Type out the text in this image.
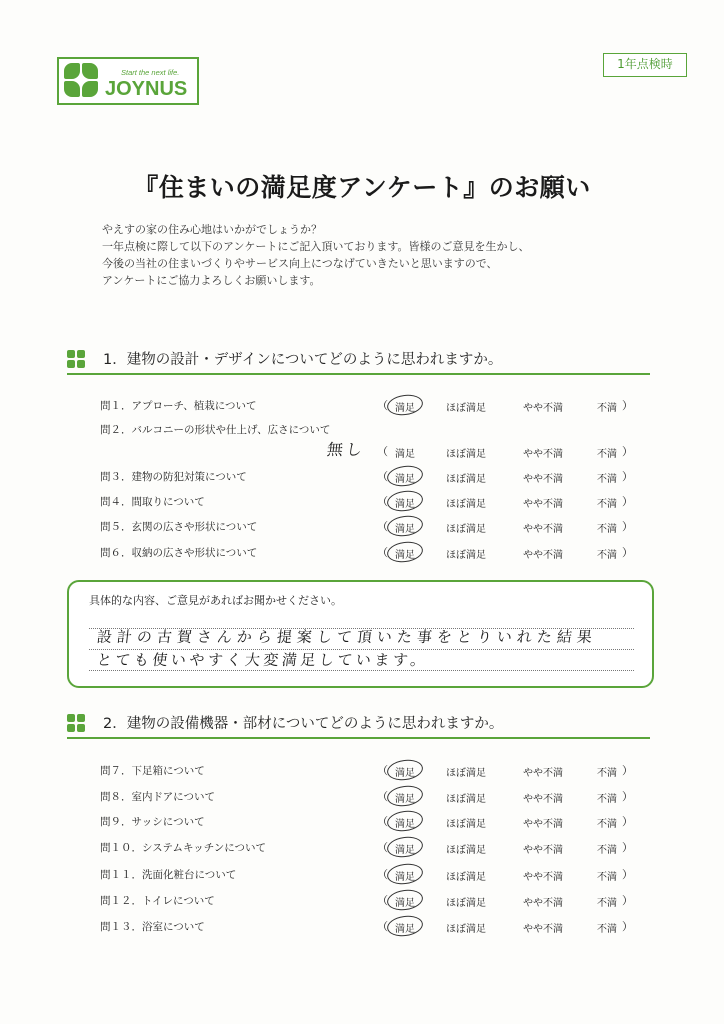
Start the next life.
JOYNUS
1年点検時
『住まいの満足度アンケート』のお願い
やえすの家の住み心地はいかがでしょうか？
一年点検に際して以下のアンケートにご記入頂いております。皆様のご意見を生かし、
今後の当社の住まいづくりやサービス向上につなげていきたいと思いますので、
アンケートにご協力よろしくお願いします。
1．建物の設計・デザインについてどのように思われますか。
問１．アプローチ、植栽について	（ 満足	ほぼ満足	やや不満	不満 ）
問２．バルコニーの形状や仕上げ、広さについて
（ 満足	ほぼ満足	やや不満	不満 ）
問３．建物の防犯対策について	（ 満足	ほぼ満足	やや不満	不満 ）
問４．間取りについて	（ 満足	ほぼ満足	やや不満	不満 ）
問５．玄関の広さや形状について	（ 満足	ほぼ満足	やや不満	不満 ）
問６．収納の広さや形状について	（ 満足	ほぼ満足	やや不満	不満 ）
無し
具体的な内容、ご意見があればお聞かせください。
設計の古賀さんから提案して頂いた事をとりいれた結果
とても使いやすく大変満足しています。
2．建物の設備機器・部材についてどのように思われますか。
問７．下足箱について	（ 満足	ほぼ満足	やや不満	不満 ）
問８．室内ドアについて	（ 満足	ほぼ満足	やや不満	不満 ）
問９．サッシについて	（ 満足	ほぼ満足	やや不満	不満 ）
問１０．システムキッチンについて	（ 満足	ほぼ満足	やや不満	不満 ）
問１１．洗面化粧台について	（ 満足	ほぼ満足	やや不満	不満 ）
問１２．トイレについて	（ 満足	ほぼ満足	やや不満	不満 ）
問１３．浴室について	（ 満足	ほぼ満足	やや不満	不満 ）
